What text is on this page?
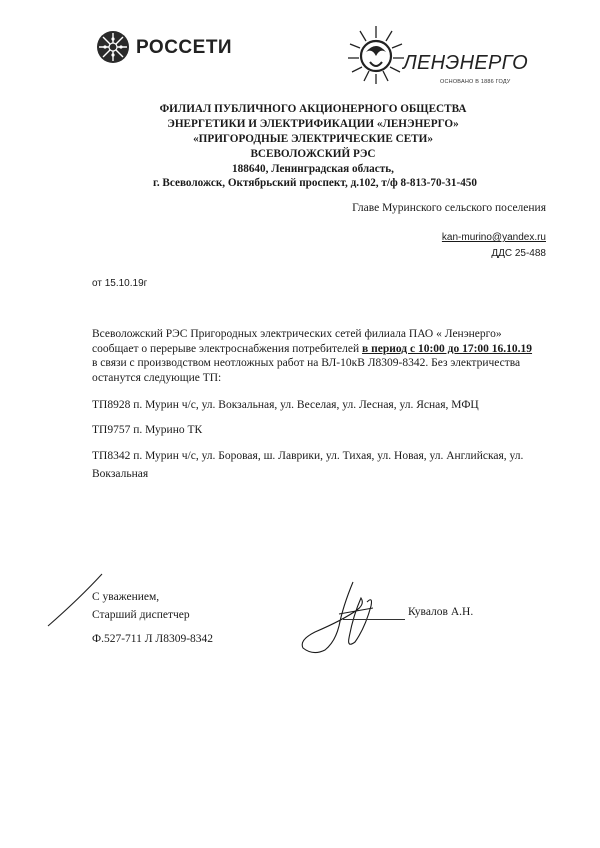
РОССЕТИ
ЛЕНЭНЕРГО
ОСНОВАНО В 1886 ГОДУ
ФИЛИАЛ ПУБЛИЧНОГО АКЦИОНЕРНОГО ОБЩЕСТВА
ЭНЕРГЕТИКИ И ЭЛЕКТРИФИКАЦИИ «ЛЕНЭНЕРГО»
«ПРИГОРОДНЫЕ ЭЛЕКТРИЧЕСКИЕ СЕТИ»
ВСЕВОЛОЖСКИЙ РЭС
188640, Ленинградская область,
г. Всеволожск, Октябрьский проспект, д.102, т/ф 8-813-70-31-450
Главе Муринского сельского поселения
kan-murino@yandex.ru
ДДС 25-488
от 15.10.19г

Всеволожский РЭС Пригородных электрических сетей филиала ПАО « Ленэнерго»

сообщает о перерыве электроснабжения потребителей в период с 10:00 до 17:00 16.10.19

в связи с производством неотложных работ на ВЛ-10кВ Л8309-8342. Без электричества

останутся следующие ТП:

ТП8928 п. Мурин ч/с, ул. Вокзальная, ул. Веселая, ул. Лесная, ул. Ясная, МФЦ
ТП9757 п. Мурино ТК
ТП8342 п. Мурин ч/с, ул. Боровая, ш. Лаврики, ул. Тихая, ул. Новая, ул. Английская, ул.
Вокзальная
С уважением,
Старший диспетчер	Кувалов А.Н.
Ф.527-711 Л Л8309-8342
